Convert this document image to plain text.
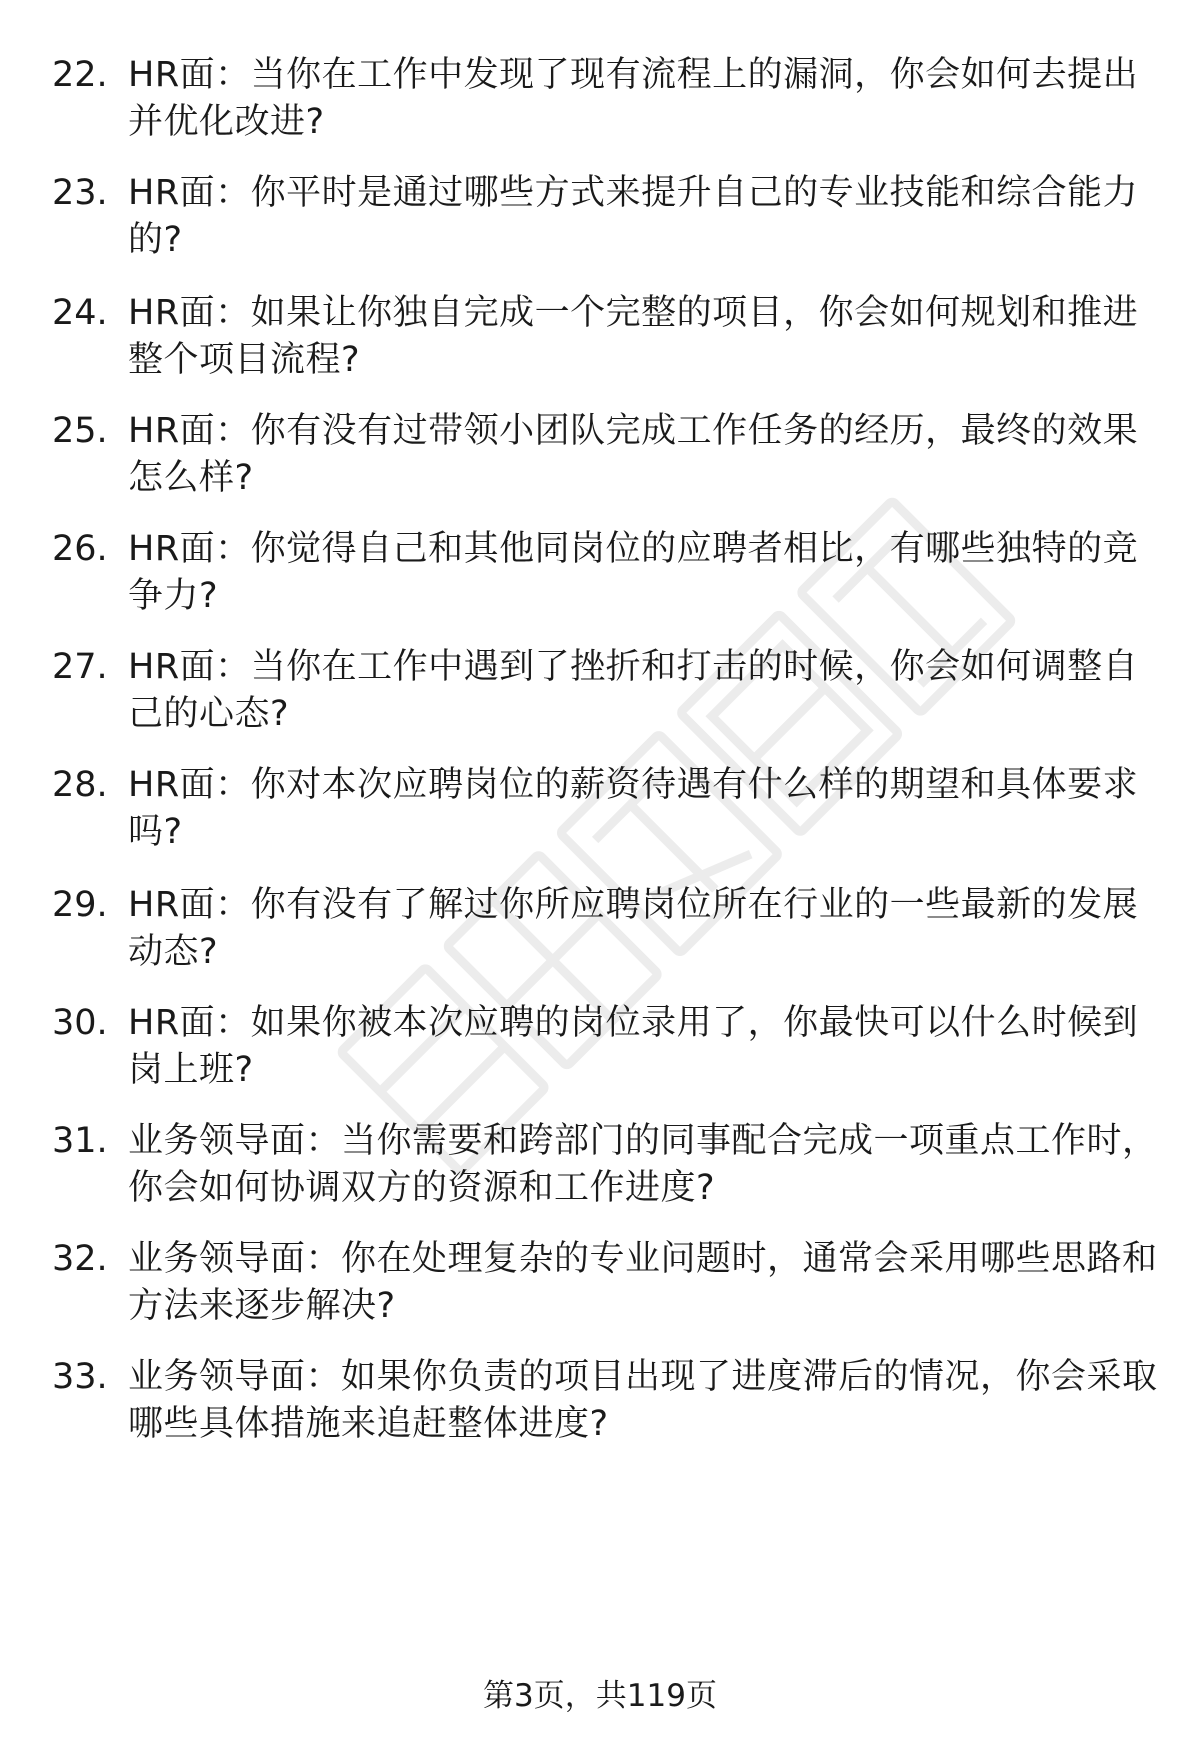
22. HR面：当你在工作中发现了现有流程上的漏洞，你会如何去提出并优化改进?
23. HR面：你平时是通过哪些方式来提升自己的专业技能和综合能力的?
24. HR面：如果让你独自完成一个完整的项目，你会如何规划和推进整个项目流程?
25. HR面：你有没有过带领小团队完成工作任务的经历，最终的效果怎么样?
26. HR面：你觉得自己和其他同岗位的应聘者相比，有哪些独特的竞争力?
27. HR面：当你在工作中遇到了挫折和打击的时候，你会如何调整自己的心态?
28. HR面：你对本次应聘岗位的薪资待遇有什么样的期望和具体要求吗?
29. HR面：你有没有了解过你所应聘岗位所在行业的一些最新的发展动态?
30. HR面：如果你被本次应聘的岗位录用了，你最快可以什么时候到岗上班?
31. 业务领导面：当你需要和跨部门的同事配合完成一项重点工作时，你会如何协调双方的资源和工作进度?
32. 业务领导面：你在处理复杂的专业问题时，通常会采用哪些思路和方法来逐步解决?
33. 业务领导面：如果你负责的项目出现了进度滞后的情况，你会采取哪些具体措施来追赶整体进度?
第3页，共119页
